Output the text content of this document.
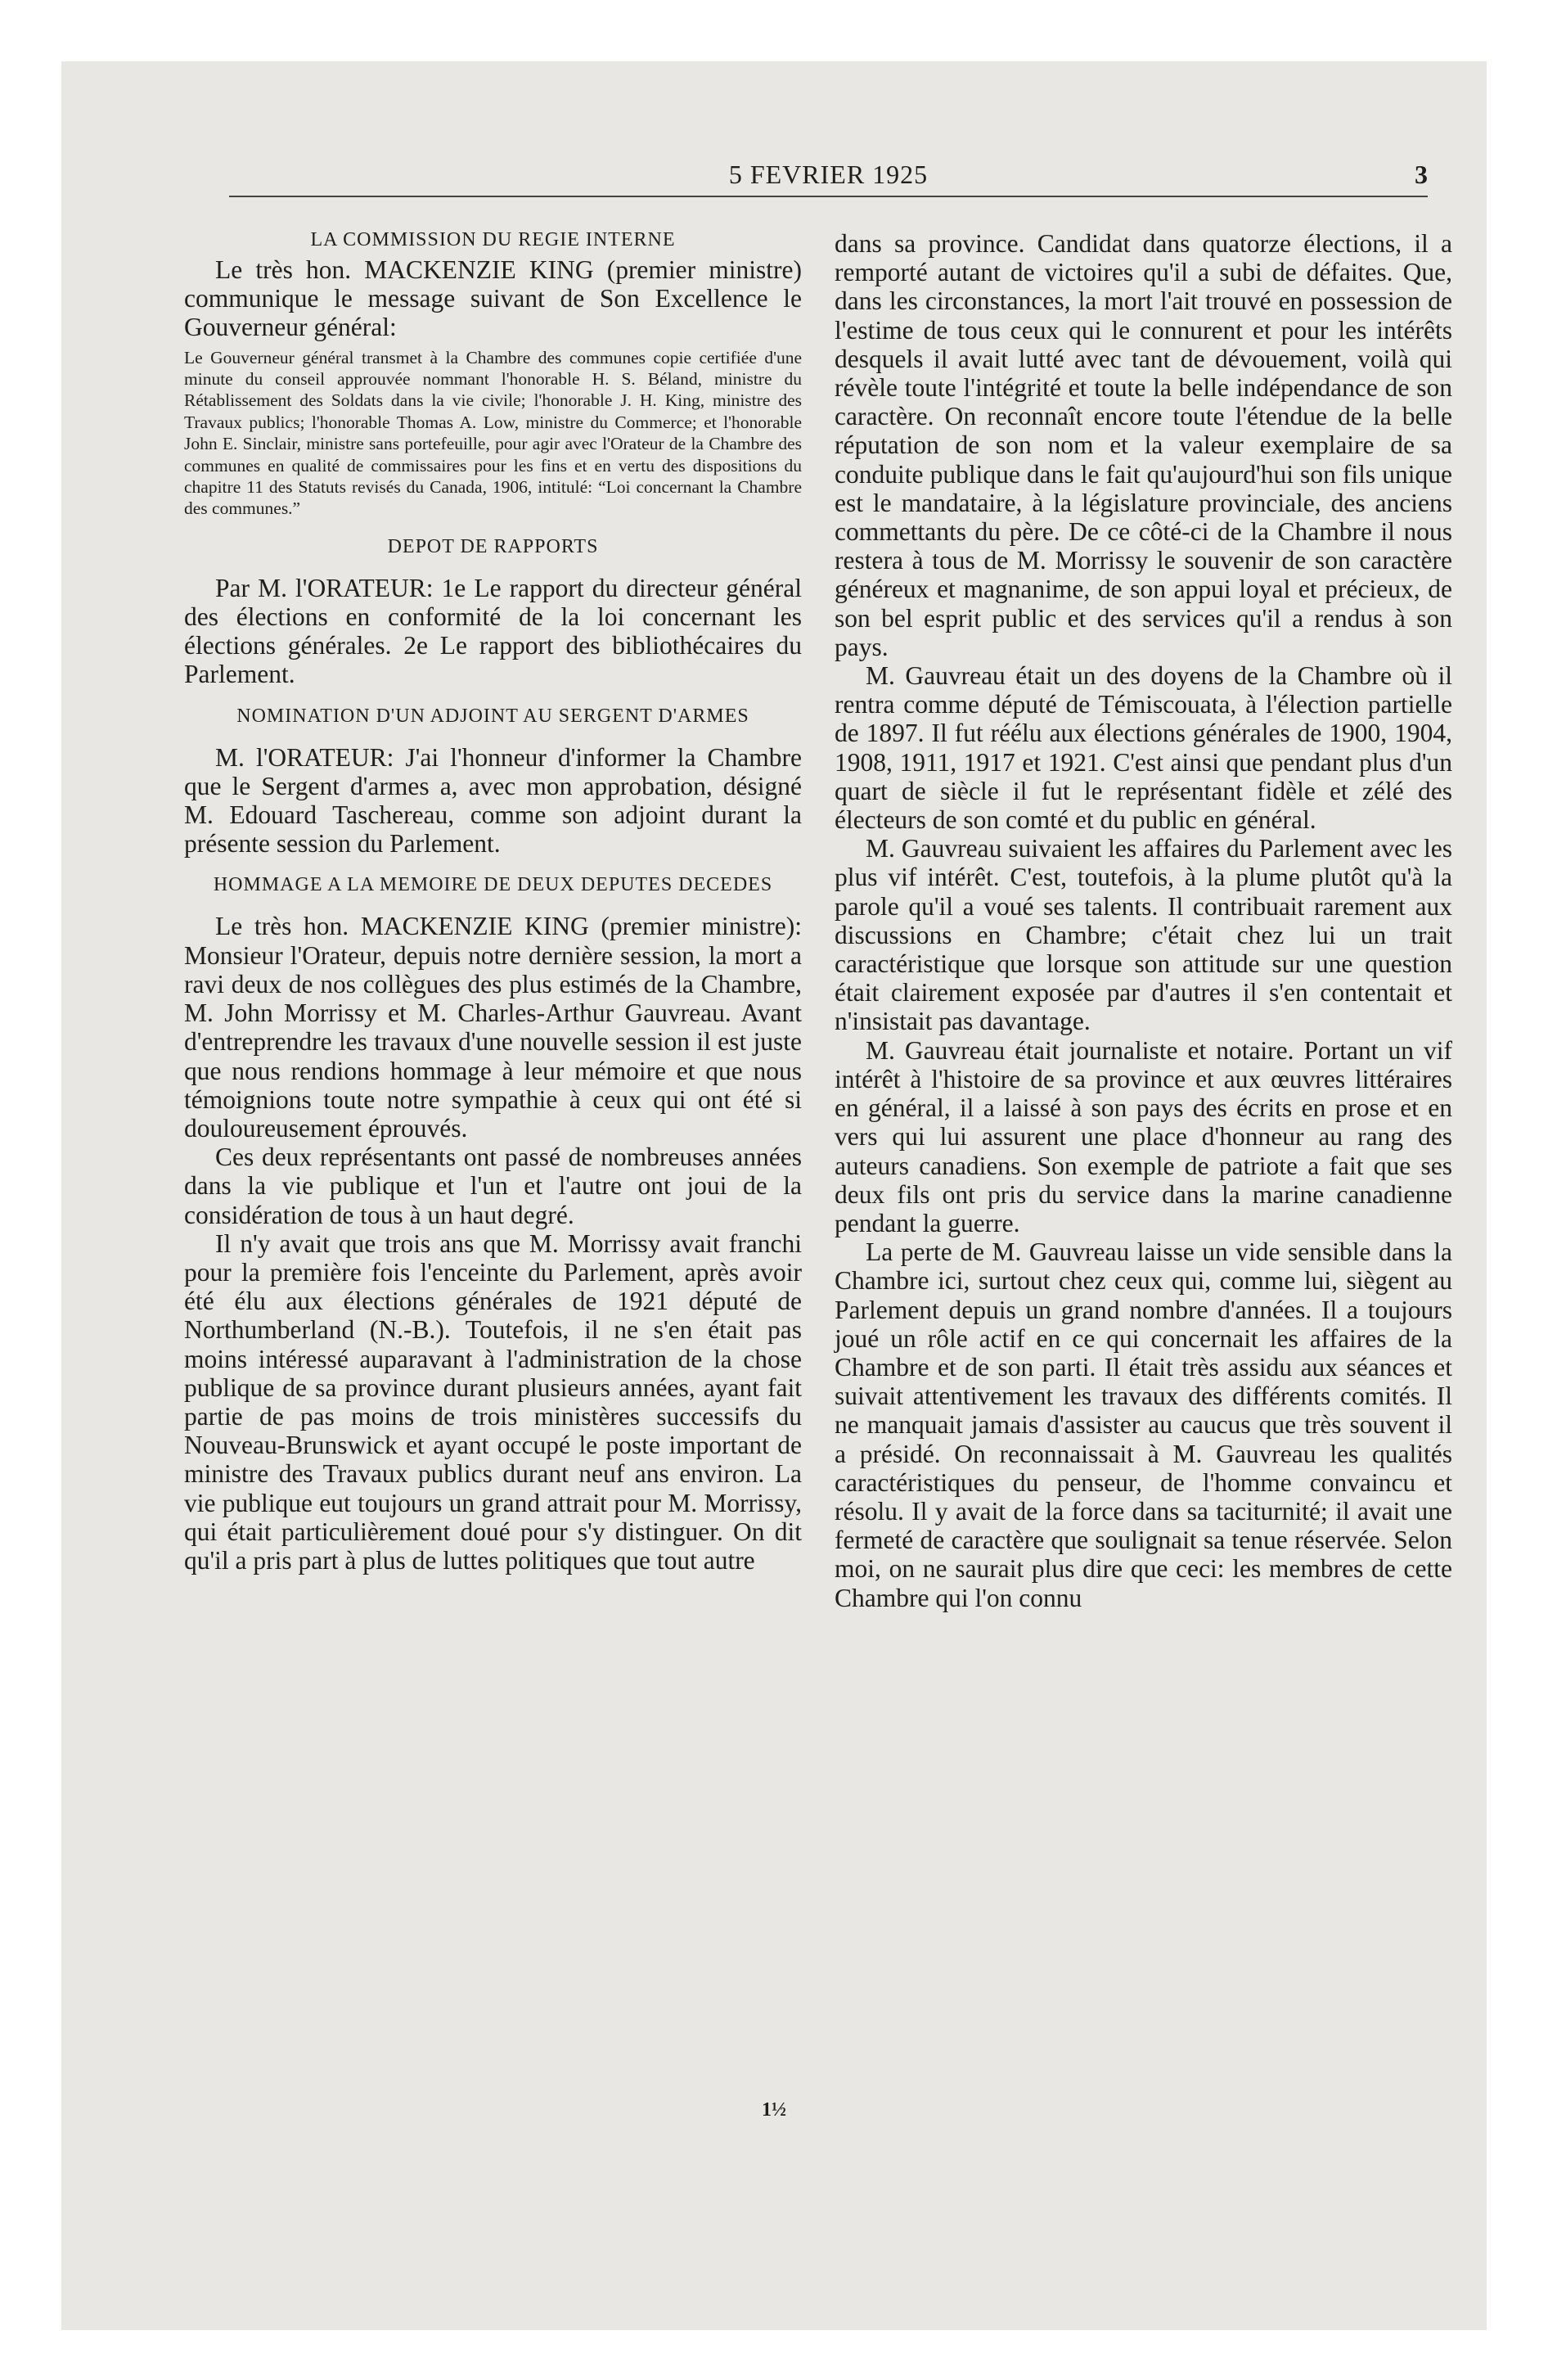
5 FEVRIER 1925	3
LA COMMISSION DU REGIE INTERNE

Le très hon. MACKENZIE KING (premier ministre) communique le message suivant de Son Excellence le Gouverneur général:

Le Gouverneur général transmet à la Chambre des communes copie certifiée d'une minute du conseil approuvée nommant l'honorable H. S. Béland, ministre du Rétablissement des Soldats dans la vie civile; l'honorable J. H. King, ministre des Travaux publics; l'honorable Thomas A. Low, ministre du Commerce; et l'honorable John E. Sinclair, ministre sans portefeuille, pour agir avec l'Orateur de la Chambre des communes en qualité de commissaires pour les fins et en vertu des dispositions du chapitre 11 des Statuts revisés du Canada, 1906, intitulé: “Loi concernant la Chambre des communes.”

DEPOT DE RAPPORTS

Par M. l'ORATEUR: 1e Le rapport du directeur général des élections en conformité de la loi concernant les élections générales. 2e Le rapport des bibliothécaires du Parlement.

NOMINATION D'UN ADJOINT AU SERGENT D'ARMES

M. l'ORATEUR: J'ai l'honneur d'informer la Chambre que le Sergent d'armes a, avec mon approbation, désigné M. Edouard Taschereau, comme son adjoint durant la présente session du Parlement.

HOMMAGE A LA MEMOIRE DE DEUX DEPUTES DECEDES

Le très hon. MACKENZIE KING (premier ministre): Monsieur l'Orateur, depuis notre dernière session, la mort a ravi deux de nos collègues des plus estimés de la Chambre, M. John Morrissy et M. Charles-Arthur Gauvreau. Avant d'entreprendre les travaux d'une nouvelle session il est juste que nous rendions hommage à leur mémoire et que nous témoignions toute notre sympathie à ceux qui ont été si douloureusement éprouvés.

Ces deux représentants ont passé de nombreuses années dans la vie publique et l'un et l'autre ont joui de la considération de tous à un haut degré.

Il n'y avait que trois ans que M. Morrissy avait franchi pour la première fois l'enceinte du Parlement, après avoir été élu aux élections générales de 1921 député de Northumberland (N.-B.). Toutefois, il ne s'en était pas moins intéressé auparavant à l'administration de la chose publique de sa province durant plusieurs années, ayant fait partie de pas moins de trois ministères successifs du Nouveau-Brunswick et ayant occupé le poste important de ministre des Travaux publics durant neuf ans environ. La vie publique eut toujours un grand attrait pour M. Morrissy, qui était particulièrement doué pour s'y distinguer. On dit qu'il a pris part à plus de luttes politiques que tout autre

dans sa province. Candidat dans quatorze élections, il a remporté autant de victoires qu'il a subi de défaites. Que, dans les circonstances, la mort l'ait trouvé en possession de l'estime de tous ceux qui le connurent et pour les intérêts desquels il avait lutté avec tant de dévouement, voilà qui révèle toute l'intégrité et toute la belle indépendance de son caractère. On reconnaît encore toute l'étendue de la belle réputation de son nom et la valeur exemplaire de sa conduite publique dans le fait qu'aujourd'hui son fils unique est le mandataire, à la législature provinciale, des anciens commettants du père. De ce côté-ci de la Chambre il nous restera à tous de M. Morrissy le souvenir de son caractère généreux et magnanime, de son appui loyal et précieux, de son bel esprit public et des services qu'il a rendus à son pays.

M. Gauvreau était un des doyens de la Chambre où il rentra comme député de Témiscouata, à l'élection partielle de 1897. Il fut réélu aux élections générales de 1900, 1904, 1908, 1911, 1917 et 1921. C'est ainsi que pendant plus d'un quart de siècle il fut le représentant fidèle et zélé des électeurs de son comté et du public en général.

M. Gauvreau suivaient les affaires du Parlement avec les plus vif intérêt. C'est, toutefois, à la plume plutôt qu'à la parole qu'il a voué ses talents. Il contribuait rarement aux discussions en Chambre; c'était chez lui un trait caractéristique que lorsque son attitude sur une question était clairement exposée par d'autres il s'en contentait et n'insistait pas davantage.

M. Gauvreau était journaliste et notaire. Portant un vif intérêt à l'histoire de sa province et aux œuvres littéraires en général, il a laissé à son pays des écrits en prose et en vers qui lui assurent une place d'honneur au rang des auteurs canadiens. Son exemple de patriote a fait que ses deux fils ont pris du service dans la marine canadienne pendant la guerre.

La perte de M. Gauvreau laisse un vide sensible dans la Chambre ici, surtout chez ceux qui, comme lui, siègent au Parlement depuis un grand nombre d'années. Il a toujours joué un rôle actif en ce qui concernait les affaires de la Chambre et de son parti. Il était très assidu aux séances et suivait attentivement les travaux des différents comités. Il ne manquait jamais d'assister au caucus que très souvent il a présidé. On reconnaissait à M. Gauvreau les qualités caractéristiques du penseur, de l'homme convaincu et résolu. Il y avait de la force dans sa taciturnité; il avait une fermeté de caractère que soulignait sa tenue réservée. Selon moi, on ne saurait plus dire que ceci: les membres de cette Chambre qui l'on connu

1½
